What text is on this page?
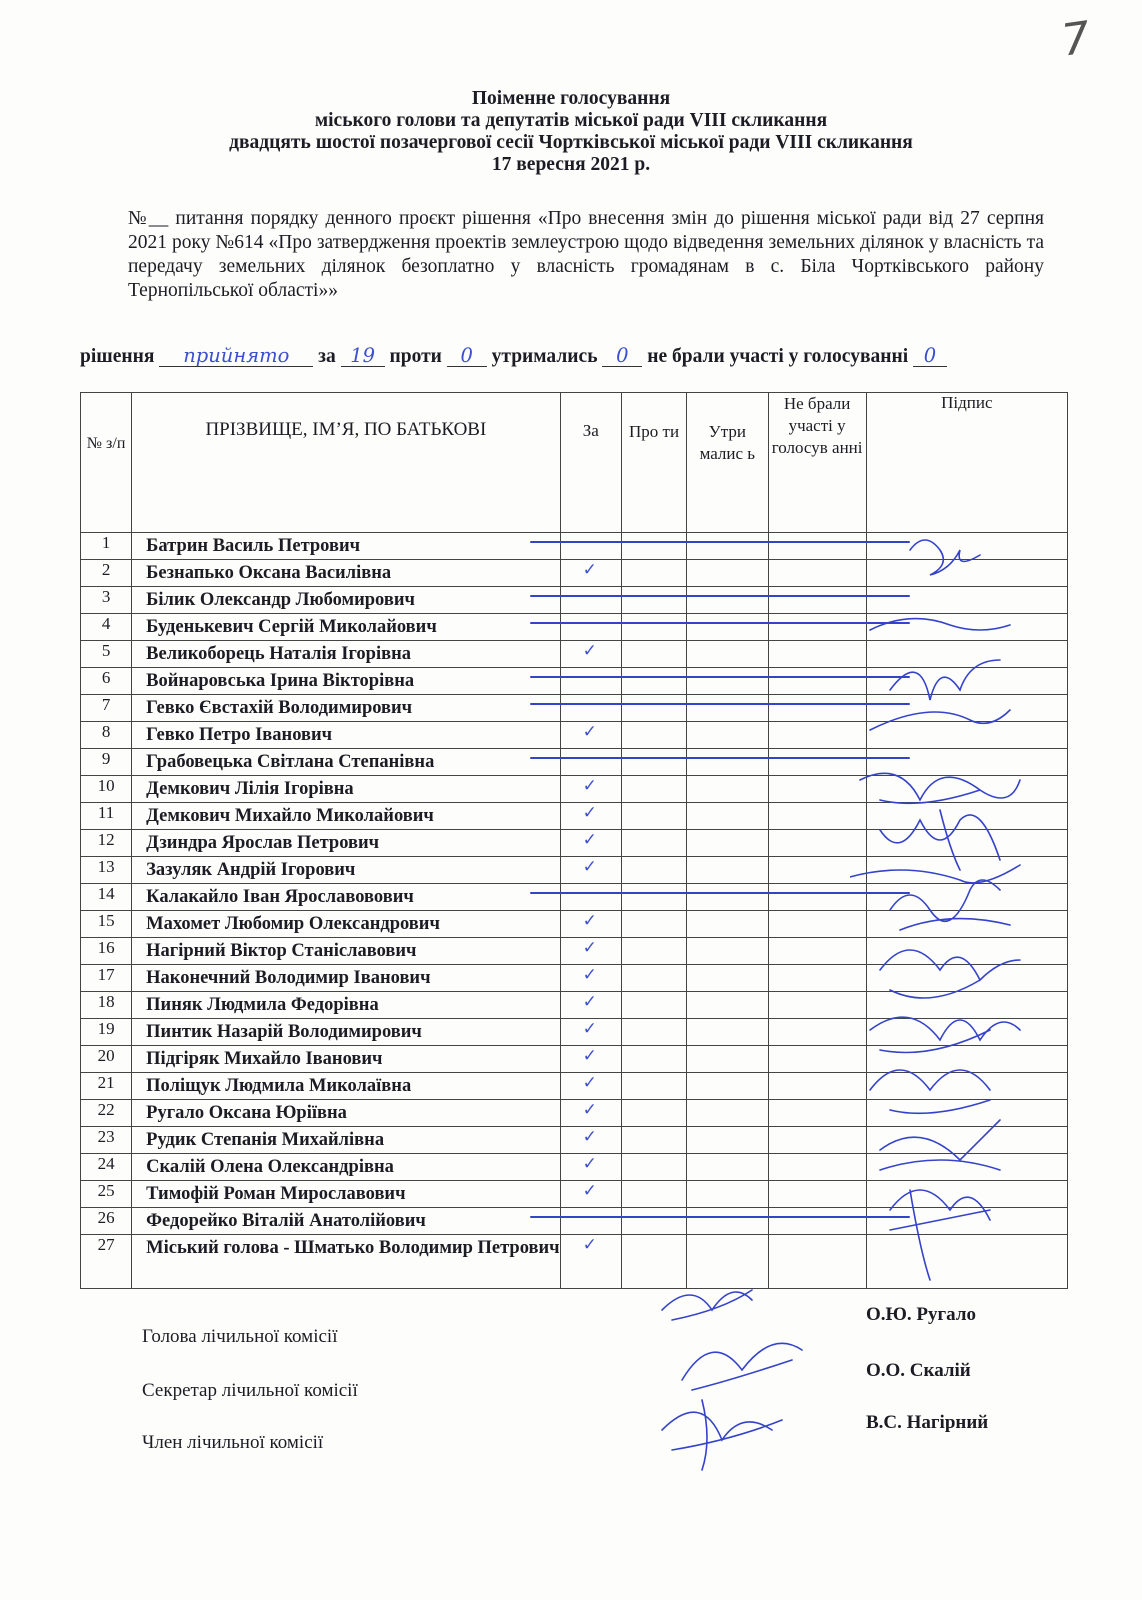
7
Поіменне голосування
міського голови та депутатів міської ради VIII скликання
двадцять шостої позачергової сесії Чортківської міської ради VIII скликання
17 вересня 2021 р.
№__ питання порядку денного проєкт рішення «Про внесення змін до рішення міської ради від 27 серпня 2021 року №614 «Про затвердження проектів землеустрою щодо відведення земельних ділянок у власність та передачу земельних ділянок безоплатно у власність громадянам в с. Біла Чортківського району Тернопільської області»»
рішення прийнято за 19 проти 0 утримались 0 не брали участі у голосуванні 0
№ з/п	ПРІЗВИЩЕ, ІМ’Я, ПО БАТЬКОВІ	За	Про ти	Утри малис ь	Не брали участі у голосув анні	Підпис
1	Батрин Василь Петрович					
2	Безнапько Оксана Василівна	✓				
3	Білик Олександр Любомирович					
4	Буденькевич Сергій Миколайович					
5	Великоборець Наталія Ігорівна	✓				
6	Войнаровська Ірина Вікторівна					
7	Гевко Євстахій Володимирович					
8	Гевко Петро Іванович	✓				
9	Грабовецька Світлана Степанівна					
10	Демкович Лілія Ігорівна	✓				
11	Демкович Михайло Миколайович	✓				
12	Дзиндра Ярослав Петрович	✓				
13	Зазуляк Андрій Ігорович	✓				
14	Калакайло Іван Ярославовович					
15	Махомет Любомир Олександрович	✓				
16	Нагірний Віктор Станіславович	✓				
17	Наконечний Володимир Іванович	✓				
18	Пиняк Людмила Федорівна	✓				
19	Пинтик Назарій Володимирович	✓				
20	Підгіряк Михайло Іванович	✓				
21	Поліщук Людмила Миколаївна	✓				
22	Ругало Оксана Юріївна	✓				
23	Рудик Степанія Михайлівна	✓				
24	Скалій Олена Олександрівна	✓				
25	Тимофій Роман Мирославович	✓				
26	Федорейко Віталій Анатолійович					
27	Міський голова - Шматько Володимир Петрович	✓				
Голова лічильної комісії
О.Ю. Ругало
Секретар лічильної комісії
О.О. Скалій
Член лічильної комісії
В.С. Нагірний
